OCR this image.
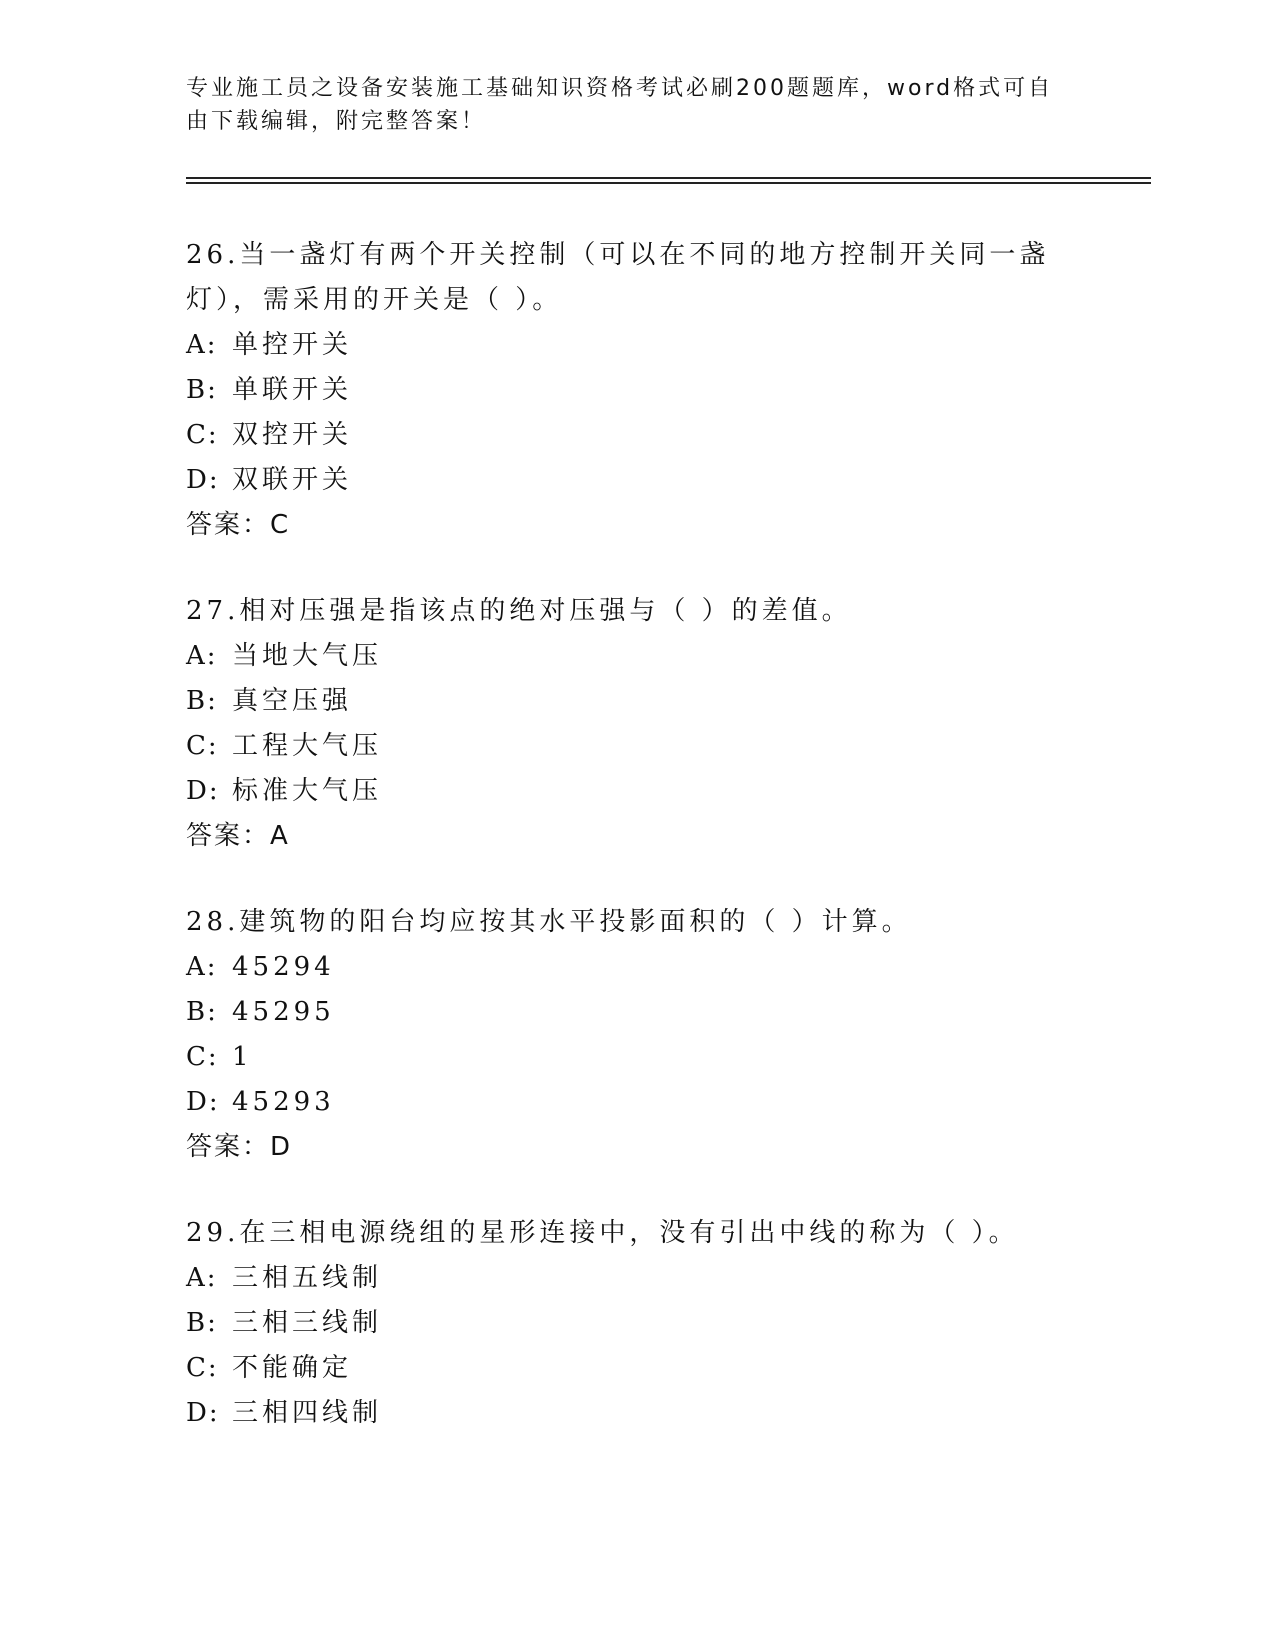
专业施工员之设备安装施工基础知识资格考试必刷200题题库，word格式可自由下载编辑，附完整答案！

26.当一盏灯有两个开关控制（可以在不同的地方控制开关同一盏灯），需采用的开关是（ ）。

A: 单控开关

B: 单联开关

C: 双控开关

D: 双联开关

答案：C

27.相对压强是指该点的绝对压强与（ ）的差值。

A: 当地大气压

B: 真空压强

C: 工程大气压

D: 标准大气压

答案：A

28.建筑物的阳台均应按其水平投影面积的（ ）计算。

A: 45294

B: 45295

C: 1

D: 45293

答案：D

29.在三相电源绕组的星形连接中，没有引出中线的称为（ ）。

A: 三相五线制

B: 三相三线制

C: 不能确定

D: 三相四线制
